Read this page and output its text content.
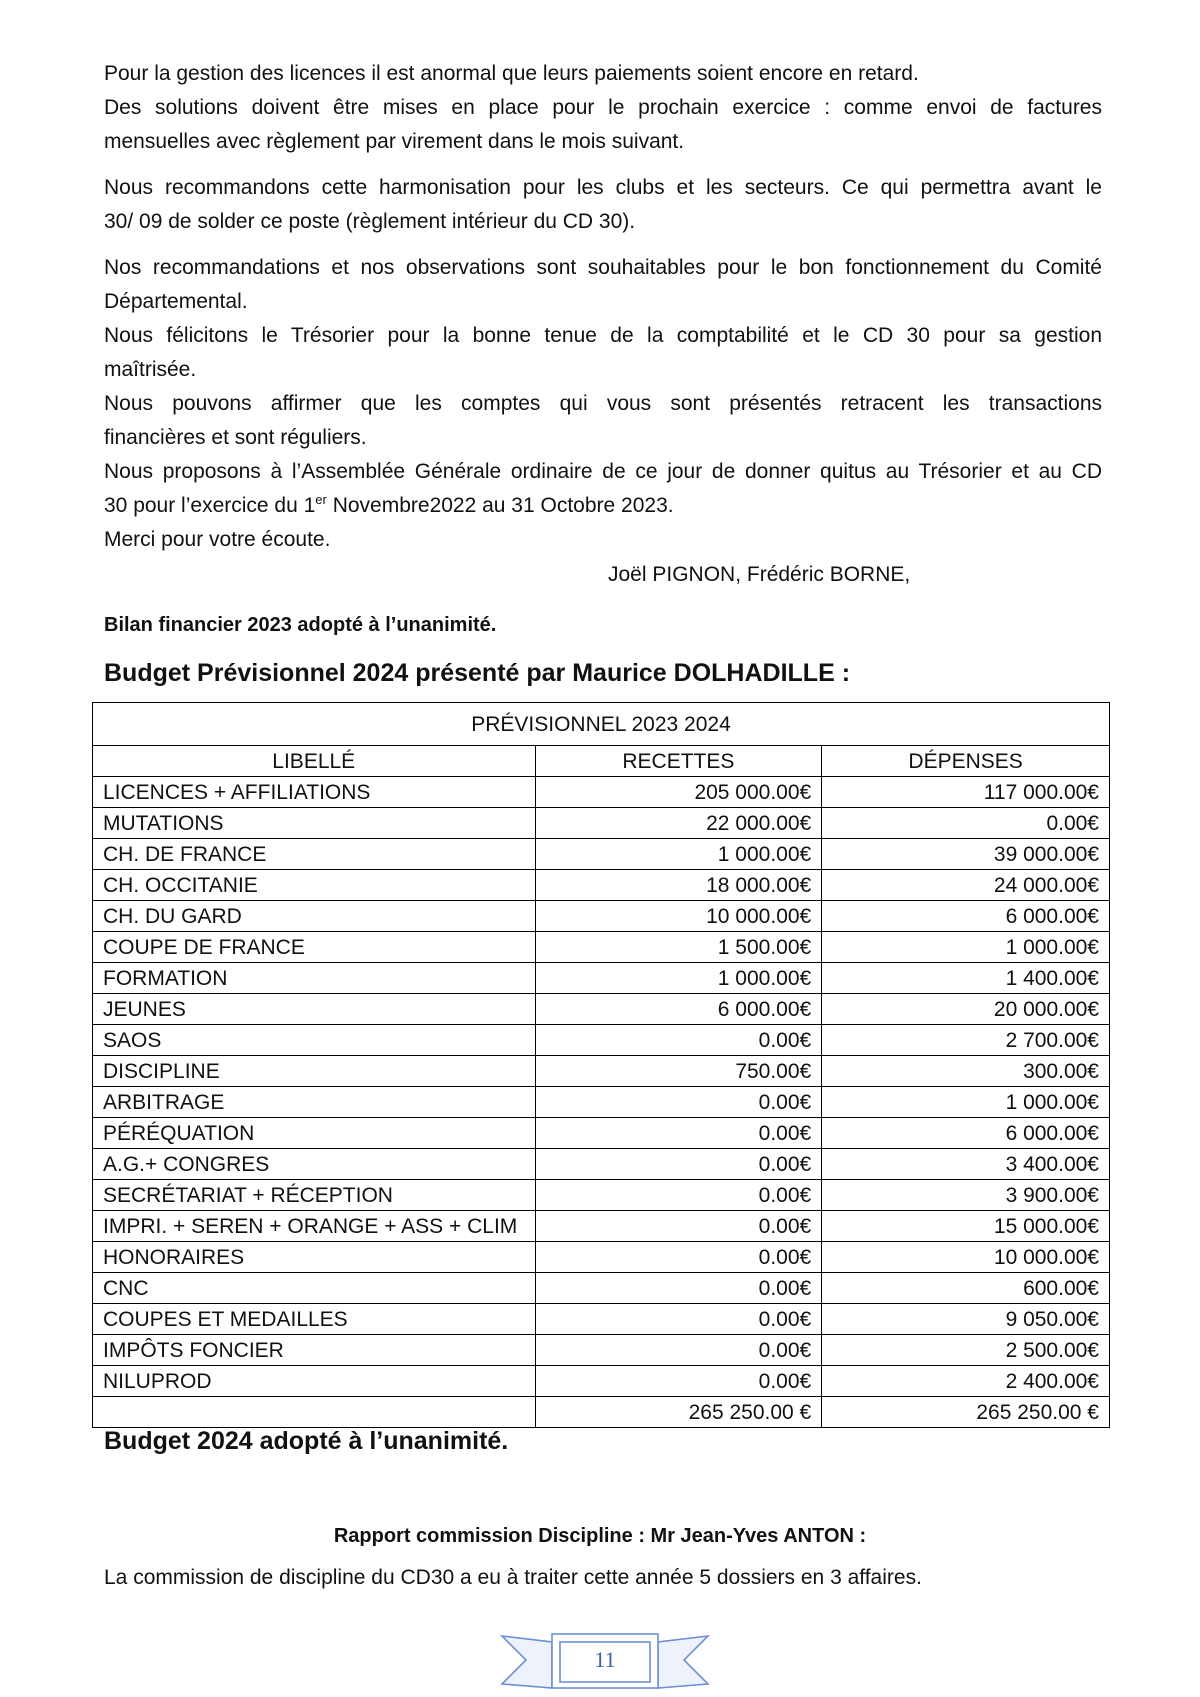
Pour la gestion des licences il est anormal que leurs paiements soient encore en retard.
Des solutions doivent être mises en place pour le prochain exercice : comme envoi de factures
mensuelles avec règlement par virement dans le mois suivant.
Nous recommandons cette harmonisation pour les clubs et les secteurs. Ce qui permettra avant le
30/ 09 de solder ce poste (règlement intérieur du CD 30).
Nos recommandations et nos observations sont souhaitables pour le bon fonctionnement du Comité
Départemental.
Nous félicitons le Trésorier pour la bonne tenue de la comptabilité et le CD 30 pour sa gestion
maîtrisée.
Nous pouvons affirmer que les comptes qui vous sont présentés retracent les transactions
financières et sont réguliers.
Nous proposons à l’Assemblée Générale ordinaire de ce jour de donner quitus au Trésorier et au CD
30 pour l’exercice du 1er Novembre2022 au 31 Octobre 2023.
Merci pour votre écoute.
Joël PIGNON, Frédéric BORNE,
Bilan financier 2023 adopté à l’unanimité.
Budget Prévisionnel 2024 présenté par Maurice DOLHADILLE :
PRÉVISIONNEL 2023 2024		
LIBELLÉ	RECETTES	DÉPENSES
LICENCES + AFFILIATIONS	205 000.00€	117 000.00€
MUTATIONS	22 000.00€	0.00€
CH. DE FRANCE	1 000.00€	39 000.00€
CH. OCCITANIE	18 000.00€	24 000.00€
CH. DU GARD	10 000.00€	6 000.00€
COUPE DE FRANCE	1 500.00€	1 000.00€
FORMATION	1 000.00€	1 400.00€
JEUNES	6 000.00€	20 000.00€
SAOS	0.00€	2 700.00€
DISCIPLINE	750.00€	300.00€
ARBITRAGE	0.00€	1 000.00€
PÉRÉQUATION	0.00€	6 000.00€
A.G.+ CONGRES	0.00€	3 400.00€
SECRÉTARIAT + RÉCEPTION	0.00€	3 900.00€
IMPRI. + SEREN + ORANGE + ASS + CLIM	0.00€	15 000.00€
HONORAIRES	0.00€	10 000.00€
CNC	0.00€	600.00€
COUPES ET MEDAILLES	0.00€	9 050.00€
IMPÔTS FONCIER	0.00€	2 500.00€
NILUPROD	0.00€	2 400.00€
	265 250.00 €	265 250.00 €
Budget 2024 adopté à l’unanimité.
Rapport commission Discipline : Mr Jean-Yves ANTON :
La commission de discipline du CD30 a eu à traiter cette année 5 dossiers en 3 affaires.
11
